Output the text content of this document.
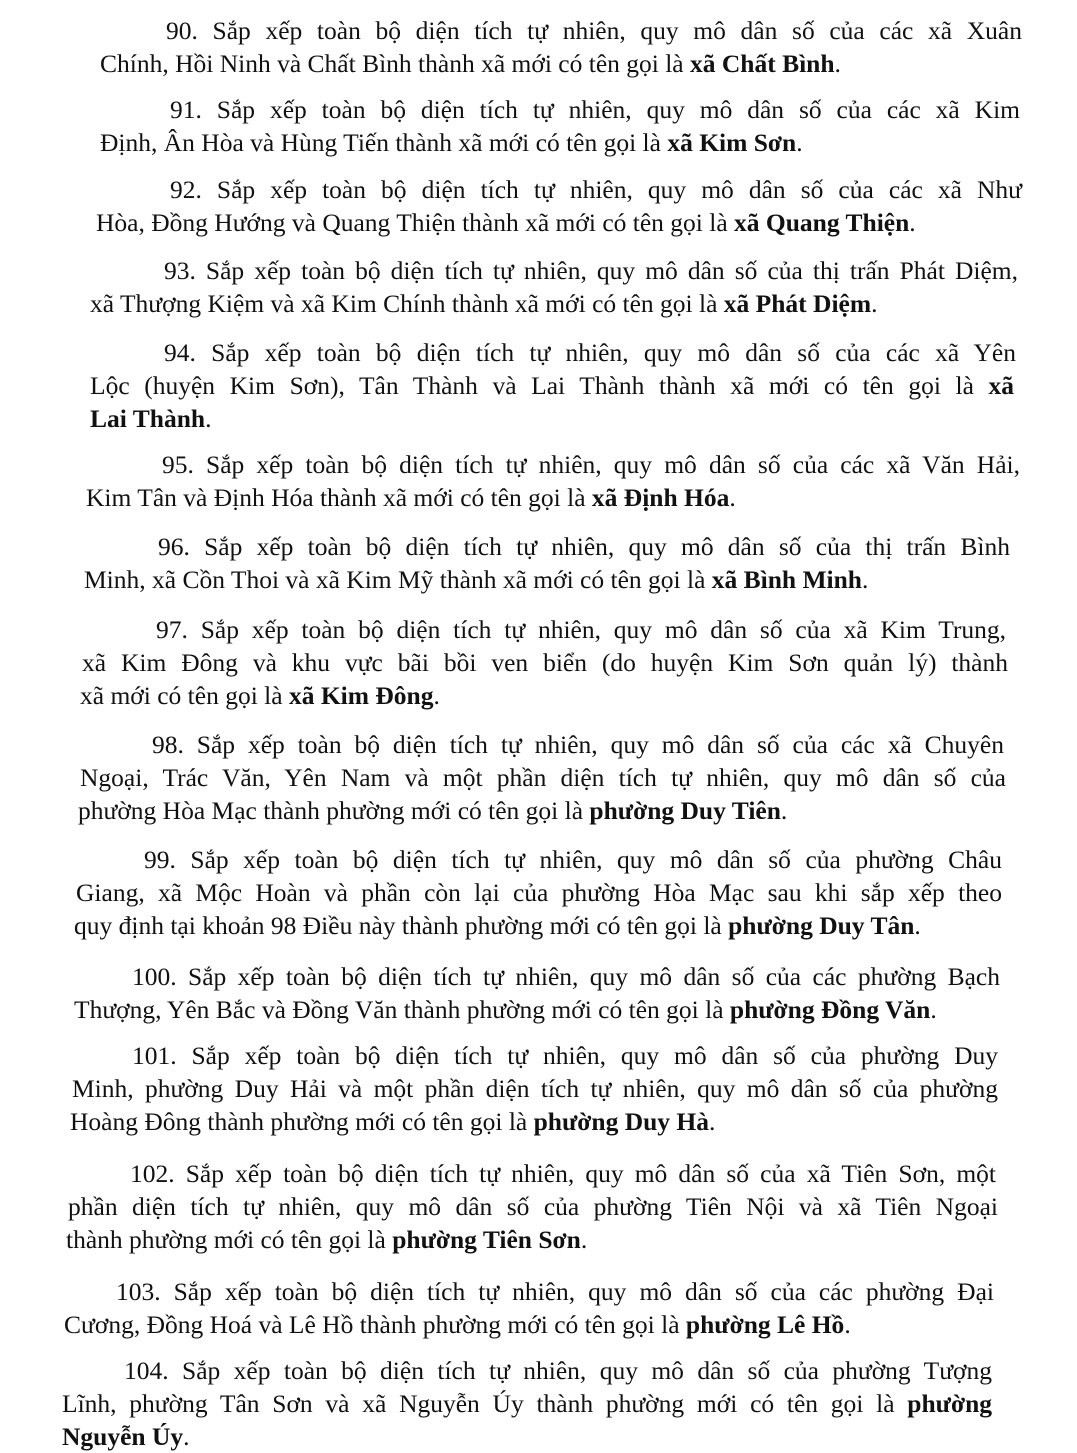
90. Sắp xếp toàn bộ diện tích tự nhiên, quy mô dân số của các xã Xuân
Chính, Hồi Ninh và Chất Bình thành xã mới có tên gọi là xã Chất Bình.
91. Sắp xếp toàn bộ diện tích tự nhiên, quy mô dân số của các xã Kim
Định, Ân Hòa và Hùng Tiến thành xã mới có tên gọi là xã Kim Sơn.
92. Sắp xếp toàn bộ diện tích tự nhiên, quy mô dân số của các xã Như
Hòa, Đồng Hướng và Quang Thiện thành xã mới có tên gọi là xã Quang Thiện.
93. Sắp xếp toàn bộ diện tích tự nhiên, quy mô dân số của thị trấn Phát Diệm,
xã Thượng Kiệm và xã Kim Chính thành xã mới có tên gọi là xã Phát Diệm.
94. Sắp xếp toàn bộ diện tích tự nhiên, quy mô dân số của các xã Yên
Lộc (huyện Kim Sơn), Tân Thành và Lai Thành thành xã mới có tên gọi là xã
Lai Thành.
95. Sắp xếp toàn bộ diện tích tự nhiên, quy mô dân số của các xã Văn Hải,
Kim Tân và Định Hóa thành xã mới có tên gọi là xã Định Hóa.
96. Sắp xếp toàn bộ diện tích tự nhiên, quy mô dân số của thị trấn Bình
Minh, xã Cồn Thoi và xã Kim Mỹ thành xã mới có tên gọi là xã Bình Minh.
97. Sắp xếp toàn bộ diện tích tự nhiên, quy mô dân số của xã Kim Trung,
xã Kim Đông và khu vực bãi bồi ven biển (do huyện Kim Sơn quản lý) thành
xã mới có tên gọi là xã Kim Đông.
98. Sắp xếp toàn bộ diện tích tự nhiên, quy mô dân số của các xã Chuyên
Ngoại, Trác Văn, Yên Nam và một phần diện tích tự nhiên, quy mô dân số của
phường Hòa Mạc thành phường mới có tên gọi là phường Duy Tiên.
99. Sắp xếp toàn bộ diện tích tự nhiên, quy mô dân số của phường Châu
Giang, xã Mộc Hoàn và phần còn lại của phường Hòa Mạc sau khi sắp xếp theo
quy định tại khoản 98 Điều này thành phường mới có tên gọi là phường Duy Tân.
100. Sắp xếp toàn bộ diện tích tự nhiên, quy mô dân số của các phường Bạch
Thượng, Yên Bắc và Đồng Văn thành phường mới có tên gọi là phường Đồng Văn.
101. Sắp xếp toàn bộ diện tích tự nhiên, quy mô dân số của phường Duy
Minh, phường Duy Hải và một phần diện tích tự nhiên, quy mô dân số của phường
Hoàng Đông thành phường mới có tên gọi là phường Duy Hà.
102. Sắp xếp toàn bộ diện tích tự nhiên, quy mô dân số của xã Tiên Sơn, một
phần diện tích tự nhiên, quy mô dân số của phường Tiên Nội và xã Tiên Ngoại
thành phường mới có tên gọi là phường Tiên Sơn.
103. Sắp xếp toàn bộ diện tích tự nhiên, quy mô dân số của các phường Đại
Cương, Đồng Hoá và Lê Hồ thành phường mới có tên gọi là phường Lê Hồ.
104. Sắp xếp toàn bộ diện tích tự nhiên, quy mô dân số của phường Tượng
Lĩnh, phường Tân Sơn và xã Nguyễn Úy thành phường mới có tên gọi là phường
Nguyễn Úy.
